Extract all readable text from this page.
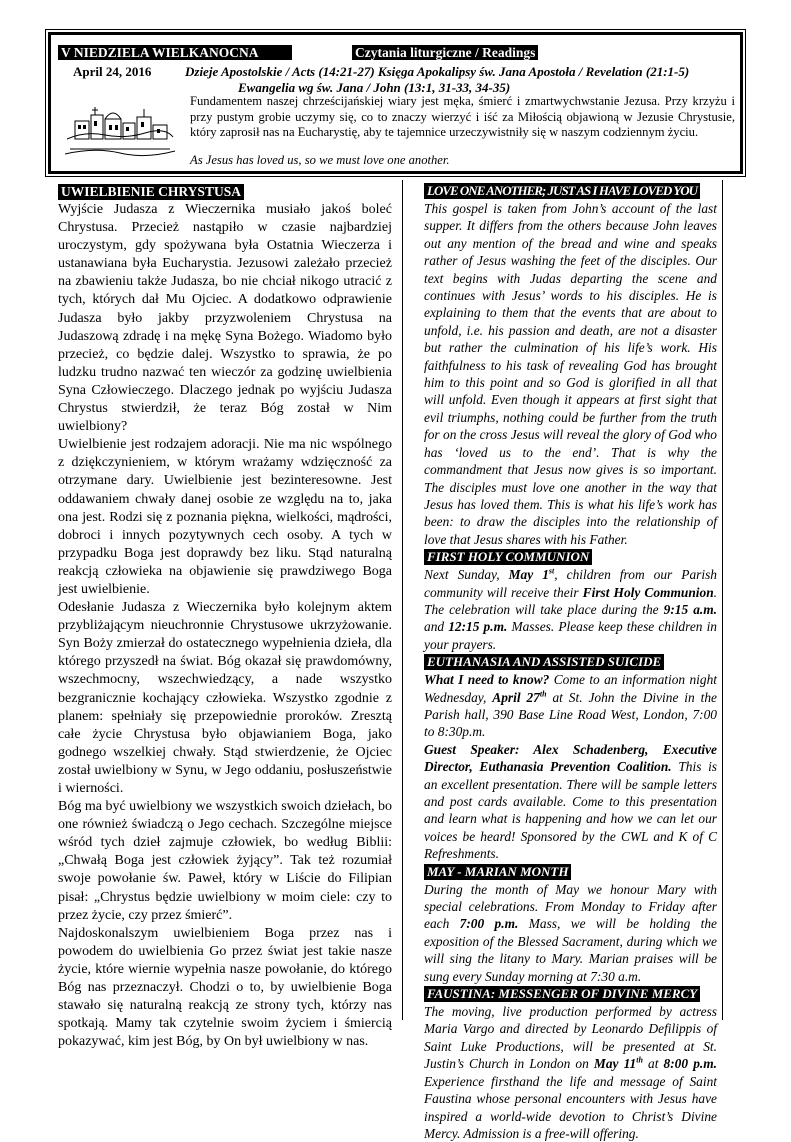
V NIEDZIELA WIELKANOCNA	Czytania liturgiczne / Readings
April 24, 2016	Dzieje Apostolskie / Acts (14:21-27) Księga Apokalipsy św. Jana Apostoła / Revelation (21:1-5)
Ewangelia wg św. Jana / John (13:1, 31-33, 34-35)
Fundamentem naszej chrześcijańskiej wiary jest męka, śmierć i zmartwychwstanie Jezusa. Przy krzyżu i przy pustym grobie uczymy się, co to znaczy wierzyć i iść za Miłością objawioną w Jezusie Chrystusie, który zaprosił nas na Eucharystię, aby te tajemnice urzeczywistniły się w naszym codziennym życiu.
As Jesus has loved us, so we must love one another.
UWIELBIENIE CHRYSTUSA

Wyjście Judasza z Wieczernika musiało jakoś boleć Chrystusa. Przecież nastąpiło w czasie najbardziej uroczystym, gdy spożywana była Ostatnia Wieczerza i ustanawiana była Eucharystia. Jezusowi zależało przecież na zbawieniu także Judasza, bo nie chciał nikogo utracić z tych, których dał Mu Ojciec. A dodatkowo odprawienie Judasza było jakby przyzwoleniem Chrystusa na Judaszową zdradę i na mękę Syna Bożego. Wiadomo było przecież, co będzie dalej. Wszystko to sprawia, że po ludzku trudno nazwać ten wieczór za godzinę uwielbienia Syna Człowieczego. Dlaczego jednak po wyjściu Judasza Chrystus stwierdził, że teraz Bóg został w Nim uwielbiony?

Uwielbienie jest rodzajem adoracji. Nie ma nic wspólnego z dziękczynieniem, w którym wrażamy wdzięczność za otrzymane dary. Uwielbienie jest bezinteresowne. Jest oddawaniem chwały danej osobie ze względu na to, jaka ona jest. Rodzi się z poznania piękna, wielkości, mądrości, dobroci i innych pozytywnych cech osoby. A tych w przypadku Boga jest doprawdy bez liku. Stąd naturalną reakcją człowieka na objawienie się prawdziwego Boga jest uwielbienie.

Odesłanie Judasza z Wieczernika było kolejnym aktem przybliżającym nieuchronnie Chrystusowe ukrzyżowanie. Syn Boży zmierzał do ostatecznego wypełnienia dzieła, dla którego przyszedł na świat. Bóg okazał się prawdomówny, wszechmocny, wszechwiedzący, a nade wszystko bezgranicznie kochający człowieka. Wszystko zgodnie z planem: spełniały się przepowiednie proroków. Zresztą całe życie Chrystusa było objawianiem Boga, jako godnego wszelkiej chwały. Stąd stwierdzenie, że Ojciec został uwielbiony w Synu, w Jego oddaniu, posłuszeństwie i wierności.

Bóg ma być uwielbiony we wszystkich swoich dziełach, bo one również świadczą o Jego cechach. Szczególne miejsce wśród tych dzieł zajmuje człowiek, bo według Biblii: „Chwałą Boga jest człowiek żyjący”. Tak też rozumiał swoje powołanie św. Paweł, który w Liście do Filipian pisał: „Chrystus będzie uwielbiony w moim ciele: czy to przez życie, czy przez śmierć”.

Najdoskonalszym uwielbieniem Boga przez nas i powodem do uwielbienia Go przez świat jest takie nasze życie, które wiernie wypełnia nasze powołanie, do którego Bóg nas przeznaczył. Chodzi o to, by uwielbienie Boga stawało się naturalną reakcją ze strony tych, którzy nas spotkają. Mamy tak czytelnie swoim życiem i śmiercią pokazywać, kim jest Bóg, by On był uwielbiony w nas.

LOVE ONE ANOTHER; JUST AS I HAVE LOVED YOU

This gospel is taken from John’s account of the last supper. It differs from the others because John leaves out any mention of the bread and wine and speaks rather of Jesus washing the feet of the disciples. Our text begins with Judas departing the scene and continues with Jesus’ words to his disciples. He is explaining to them that the events that are about to unfold, i.e. his passion and death, are not a disaster but rather the culmination of his life’s work. His faithfulness to his task of revealing God has brought him to this point and so God is glorified in all that will unfold. Even though it appears at first sight that evil triumphs, nothing could be further from the truth for on the cross Jesus will reveal the glory of God who has ‘loved us to the end’. That is why the commandment that Jesus now gives is so important. The disciples must love one another in the way that Jesus has loved them. This is what his life’s work has been: to draw the disciples into the relationship of love that Jesus shares with his Father.

FIRST HOLY COMMUNION

Next Sunday, May 1st, children from our Parish community will receive their First Holy Communion. The celebration will take place during the 9:15 a.m. and 12:15 p.m. Masses. Please keep these children in your prayers.

EUTHANASIA AND ASSISTED SUICIDE

What I need to know? Come to an information night Wednesday, April 27th at St. John the Divine in the Parish hall, 390 Base Line Road West, London, 7:00 to 8:30p.m.
Guest Speaker: Alex Schadenberg, Executive Director, Euthanasia Prevention Coalition. This is an excellent presentation. There will be sample letters and post cards available. Come to this presentation and learn what is happening and how we can let our voices be heard! Sponsored by the CWL and K of C Refreshments.

MAY - MARIAN MONTH

During the month of May we honour Mary with special celebrations. From Monday to Friday after each 7:00 p.m. Mass, we will be holding the exposition of the Blessed Sacrament, during which we will sing the litany to Mary. Marian praises will be sung every Sunday morning at 7:30 a.m.

FAUSTINA: MESSENGER OF DIVINE MERCY

The moving, live production performed by actress Maria Vargo and directed by Leonardo Defilippis of Saint Luke Productions, will be presented at St. Justin’s Church in London on May 11th at 8:00 p.m. Experience firsthand the life and message of Saint Faustina whose personal encounters with Jesus have inspired a world-wide devotion to Christ’s Divine Mercy. Admission is a free-will offering.
